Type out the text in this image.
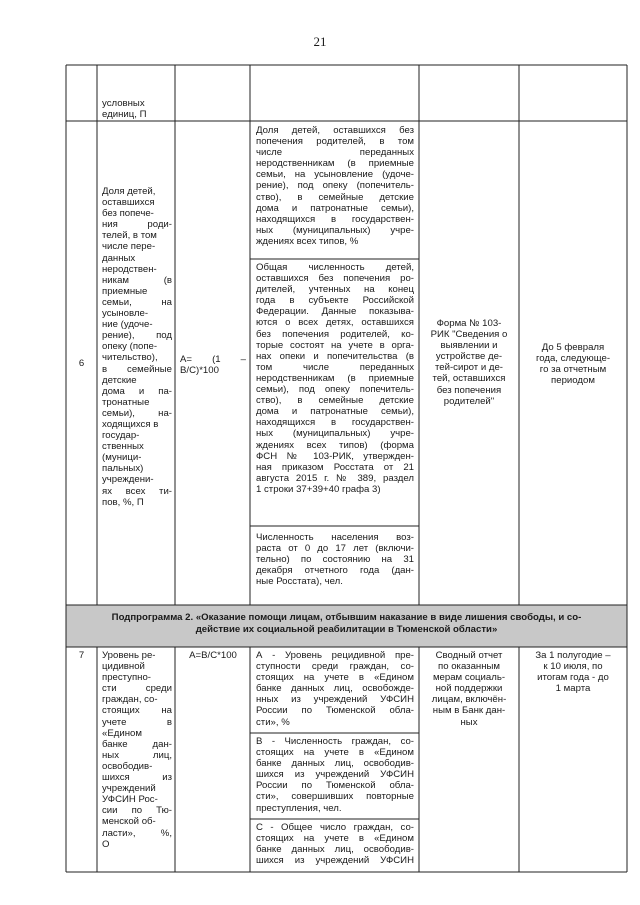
21
условных
единиц, П
6
Доля детей,
оставшихся
без попече-
ния роди-
телей, в том
числе пере-
данных
неродствен-
никам (в
приемные
семьи, на
усыновле-
ние (удоче-
рение), под
опеку (попе-
чительство),
в семейные
детские
дома и па-
тронатные
семьи), на-
ходящихся в
государ-
ственных
(муници-
пальных)
учреждени-
ях всех ти-
пов, %, П
А= (1 –
В/С)*100
Доля детей, оставшихся без
попечения родителей, в том
числе переданных
неродственникам (в приемные
семьи, на усыновление (удоче-
рение), под опеку (попечитель-
ство), в семейные детские
дома и патронатные семьи),
находящихся в государствен-
ных (муниципальных) учре-
ждениях всех типов, %
Общая численность детей,
оставшихся без попечения ро-
дителей, учтенных на конец
года в субъекте Российской
Федерации. Данные показыва-
ются о всех детях, оставшихся
без попечения родителей, ко-
торые состоят на учете в орга-
нах опеки и попечительства (в
том числе переданных
неродственникам (в приемные
семьи), под опеку попечитель-
ство), в семейные детские
дома и патронатные семьи),
находящихся в государствен-
ных (муниципальных) учре-
ждениях всех типов) (форма
ФСН № 103-РИК, утвержден-
ная приказом Росстата от 21
августа 2015 г. № 389, раздел
1 строки 37+39+40 графа 3)
Численность населения воз-
раста от 0 до 17 лет (включи-
тельно) по состоянию на 31
декабря отчетного года (дан-
ные Росстата), чел.
Форма № 103-
РИК "Сведения о
выявлении и
устройстве де-
тей-сирот и де-
тей, оставшихся
без попечения
родителей"
До 5 февраля
года, следующе-
го за отчетным
периодом
Подпрограмма 2. «Оказание помощи лицам, отбывшим наказание в виде лишения свободы, и со-
действие их социальной реабилитации в Тюменской области»
7	Уровень ре-
цидивной
преступно-
сти среди
граждан, со-
стоящих на
учете в
«Едином
банке дан-
ных лиц,
освободив-
шихся из
учреждений
УФСИН Рос-
сии по Тю-
менской об-
ласти», %,
О
А=В/С*100	А - Уровень рецидивной пре-
ступности среди граждан, со-
стоящих на учете в «Едином
банке данных лиц, освобожде-
нных из учреждений УФСИН
России по Тюменской обла-
сти», %
В - Численность граждан, со-
стоящих на учете в «Едином
банке данных лиц, освободив-
шихся из учреждений УФСИН
России по Тюменской обла-
сти», совершивших повторные
преступления, чел.
С - Общее число граждан, со-
стоящих на учете в «Едином
банке данных лиц, освободив-
шихся из учреждений УФСИН
Сводный отчет
по оказанным
мерам социаль-
ной поддержки
лицам, включён-
ным в Банк дан-
ных
За 1 полугодие –
к 10 июля, по
итогам года - до
1 марта
